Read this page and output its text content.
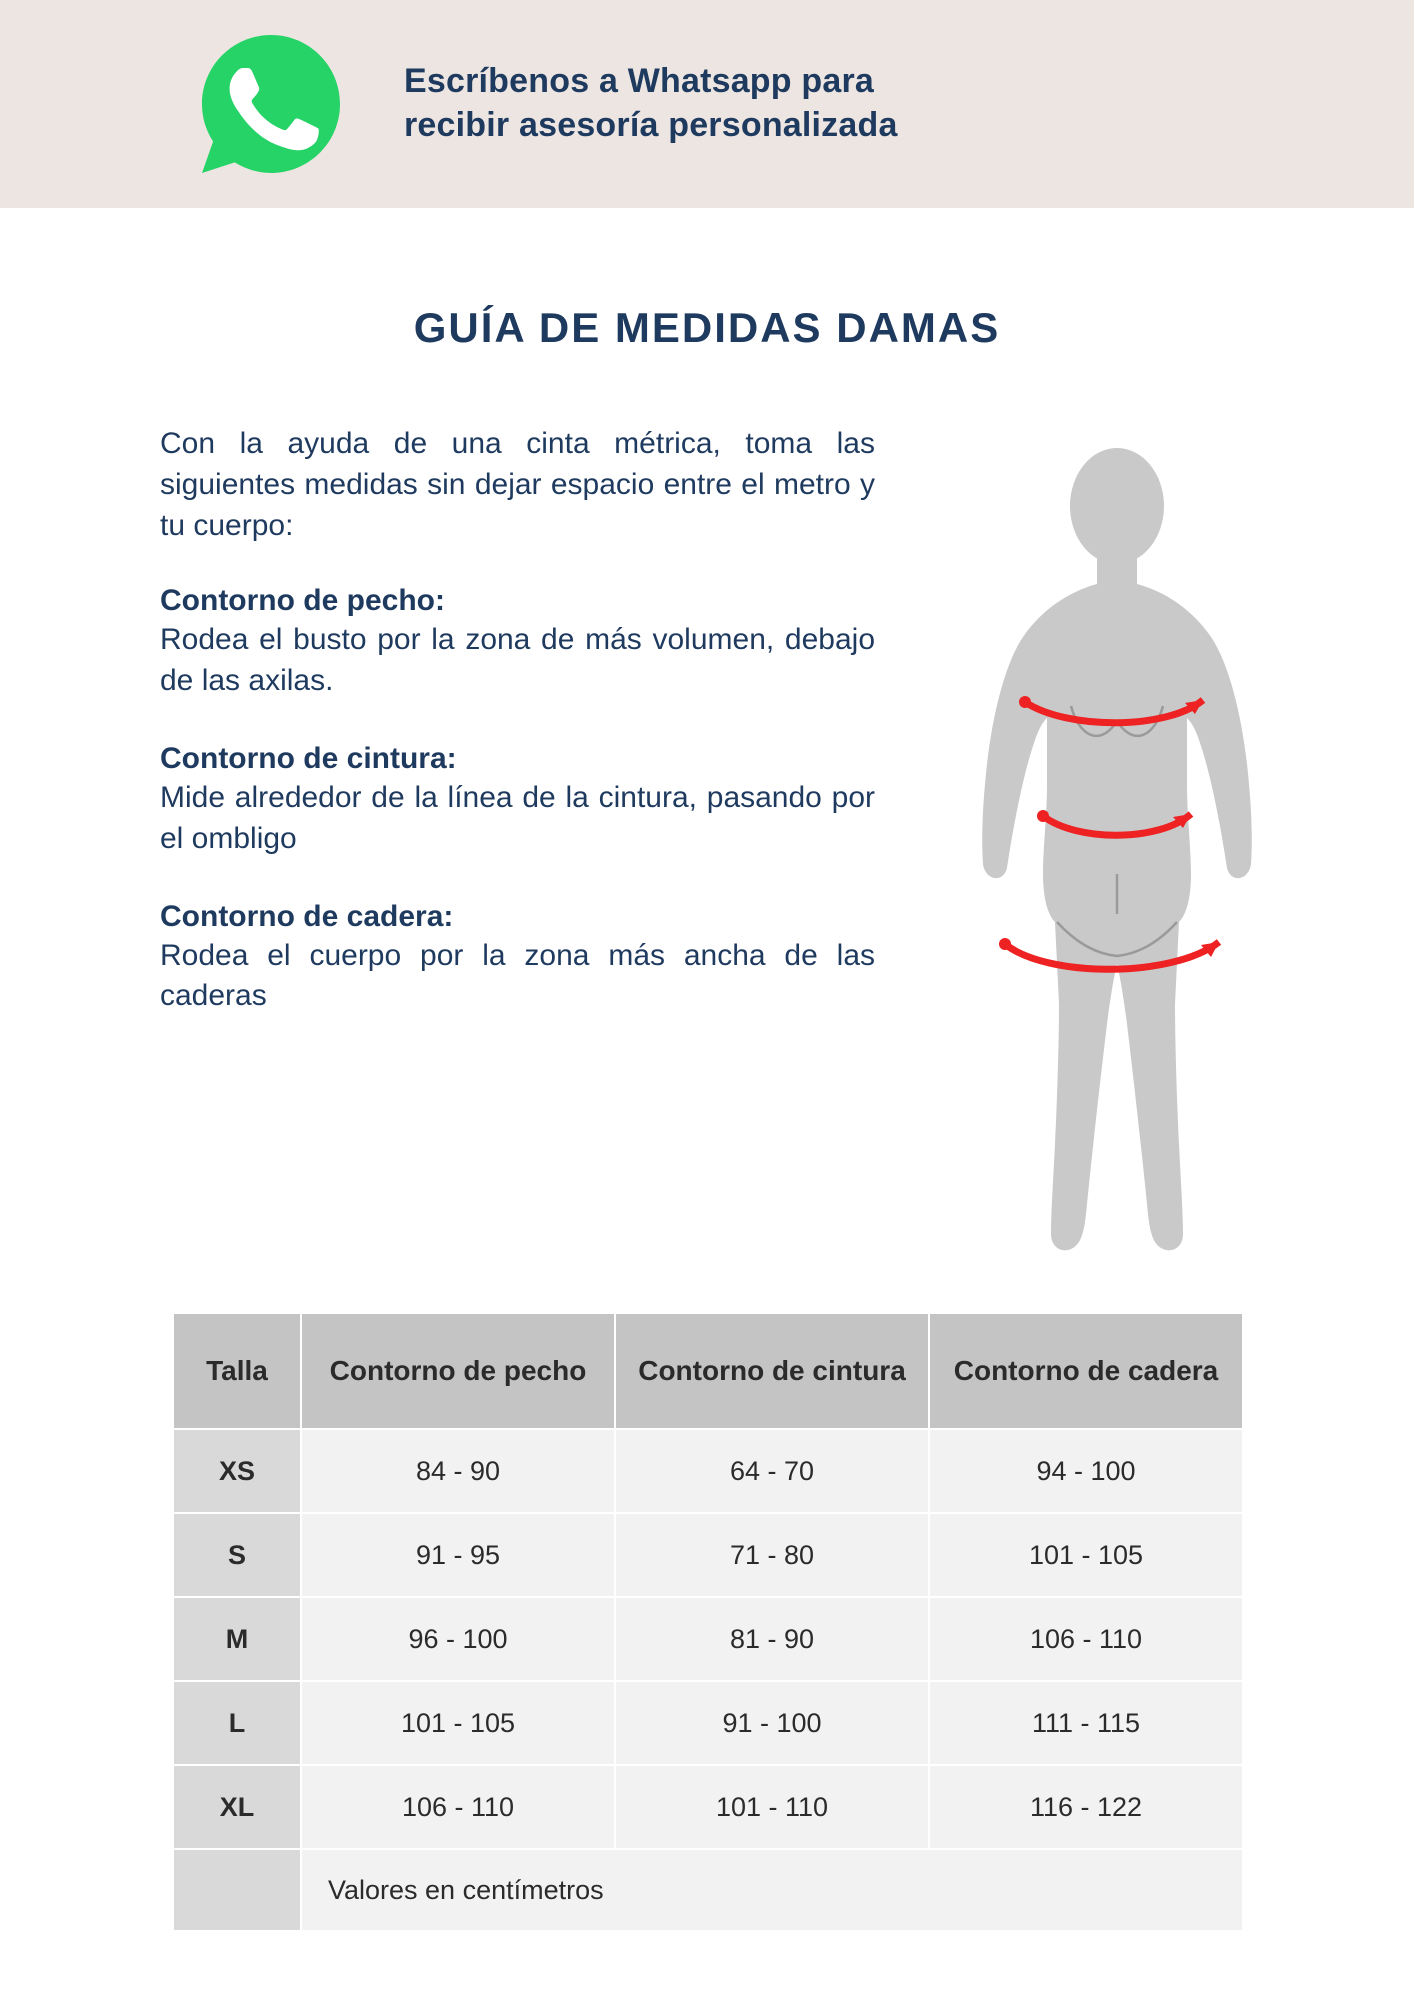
Escríbenos a Whatsapp para
recibir asesoría personalizada
GUÍA DE MEDIDAS DAMAS

Con la ayuda de una cinta métrica, toma las siguientes medidas sin dejar espacio entre el metro y tu cuerpo:

Contorno de pecho:

Rodea el busto por la zona de más volumen, debajo de las axilas.

Contorno de cintura:

Mide alrededor de la línea de la cintura, pasando por el ombligo

Contorno de cadera:

Rodea el cuerpo por la zona más ancha de las caderas

Talla	Contorno de pecho	Contorno de cintura	Contorno de cadera
XS	84 - 90	64 - 70	94 - 100
S	91 - 95	71 - 80	101 - 105
M	96 - 100	81 - 90	106 - 110
L	101 - 105	91 - 100	111 - 115
XL	106 - 110	101 - 110	116 - 122
	Valores en centímetros		
